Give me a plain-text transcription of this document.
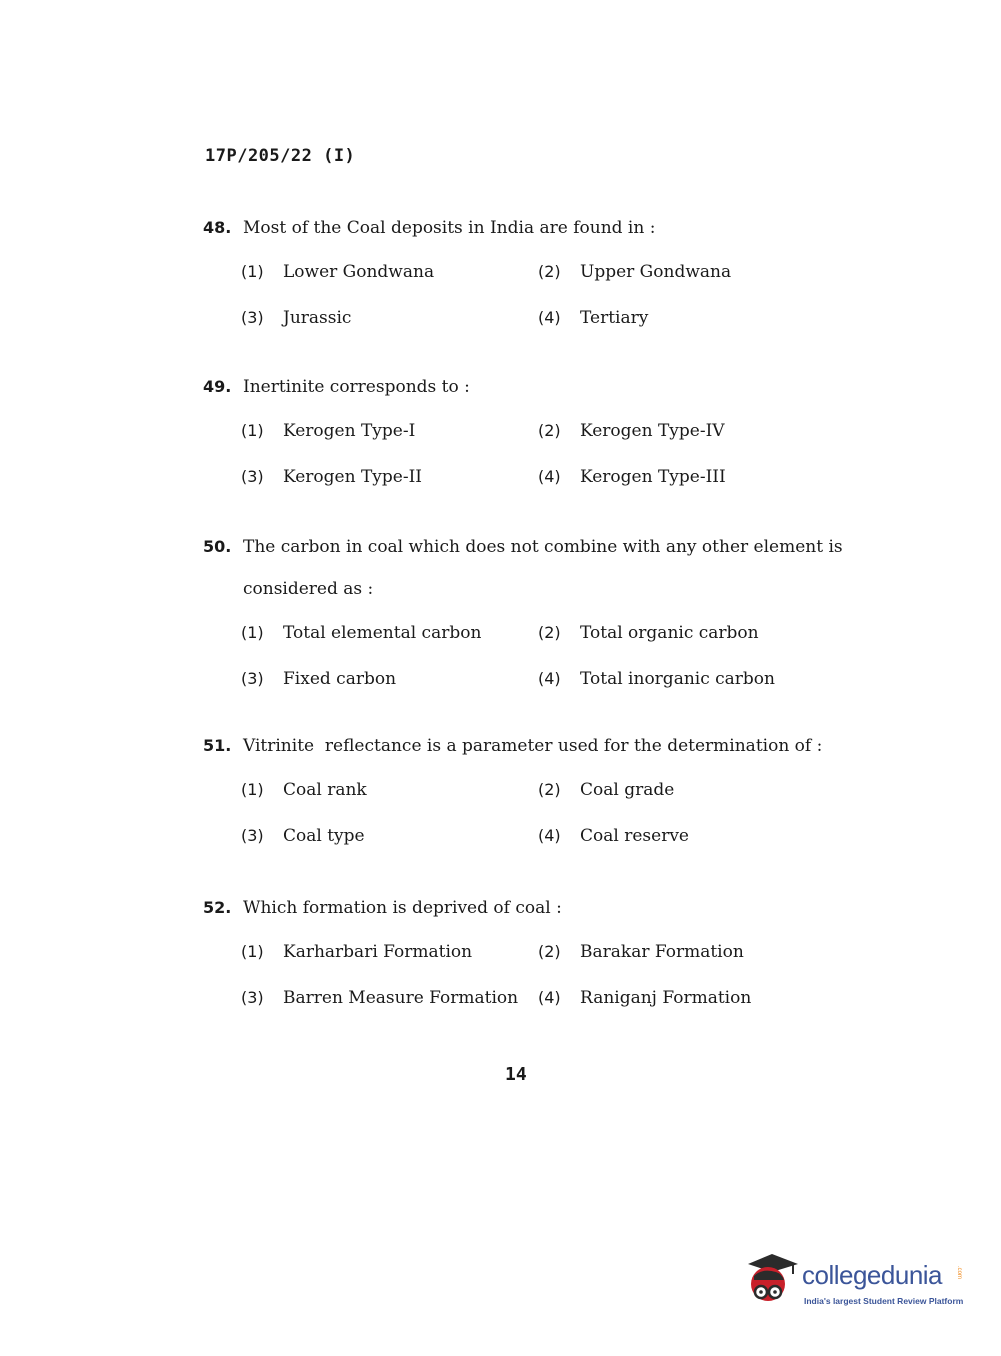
17P/205/22 (I)
48. Most of the Coal deposits in India are found in :
(1)	Lower Gondwana	(2)	Upper Gondwana
(3)	Jurassic	(4)	Tertiary
49. Inertinite corresponds to :
(1)	Kerogen Type-I	(2)	Kerogen Type-IV
(3)	Kerogen Type-II	(4)	Kerogen Type-III
50. The carbon in coal which does not combine with any other element is
considered as :
(1)	Total elemental carbon	(2)	Total organic carbon
(3)	Fixed carbon	(4)	Total inorganic carbon
51. Vitrinite  reflectance is a parameter used for the determination of :
(1)	Coal rank	(2)	Coal grade
(3)	Coal type	(4)	Coal reserve
52. Which formation is deprived of coal :
(1)	Karharbari Formation	(2)	Barakar Formation
(3)	Barren Measure Formation (4)	Raniganj Formation
14
collegedunia .com
India's largest Student Review Platform
